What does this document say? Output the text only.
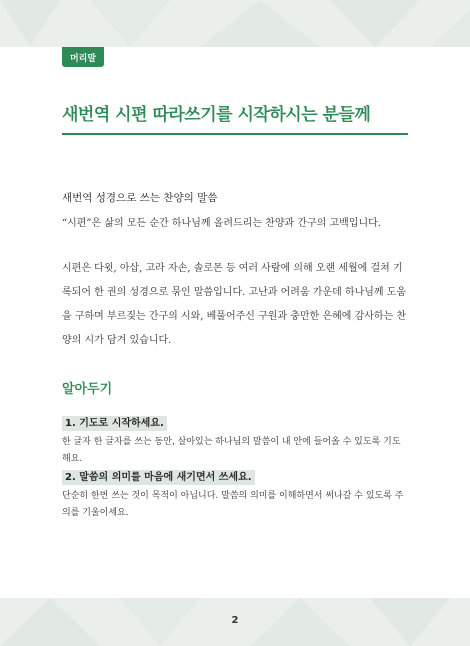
머리말
새번역 시편 따라쓰기를 시작하시는 분들께
새번역 성경으로 쓰는 찬양의 말씀
“시편”은 삶의 모든 순간 하나님께 올려드리는 찬양과 간구의 고백입니다.
시편은 다윗, 아삽, 고라 자손, 솔로몬 등 여러 사람에 의해 오랜 세월에 걸쳐 기
록되어 한 권의 성경으로 묶인 말씀입니다. 고난과 어려움 가운데 하나님께 도움
을 구하며 부르짖는 간구의 시와, 베풀어주신 구원과 충만한 은혜에 감사하는 찬
양의 시가 담겨 있습니다.
알아두기
1. 기도로 시작하세요.
한 글자 한 글자를 쓰는 동안, 살아있는 하나님의 말씀이 내 안에 들어올 수 있도록 기도해요.
2. 말씀의 의미를 마음에 새기면서 쓰세요.
단순히 한번 쓰는 것이 목적이 아닙니다. 말씀의 의미를 이해하면서 써나갈 수 있도록 주의를 기울이세요.
2
